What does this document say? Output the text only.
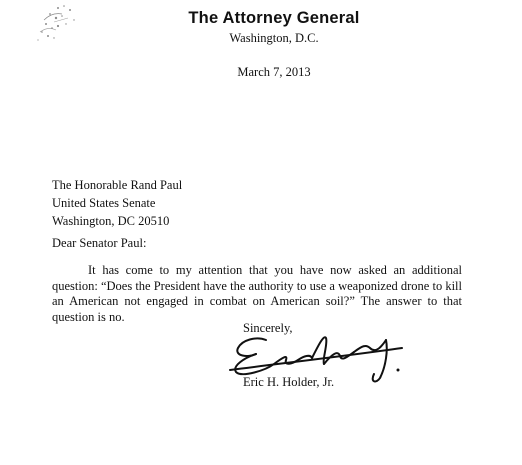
The Attorney General
Washington, D.C.
March 7, 2013
The Honorable Rand Paul
United States Senate
Washington, DC 20510
Dear Senator Paul:
It has come to my attention that you have now asked an additional question: “Does the President have the authority to use a weaponized drone to kill an American not engaged in combat on American soil?” The answer to that question is no.
Sincerely,
Eric H. Holder, Jr.
